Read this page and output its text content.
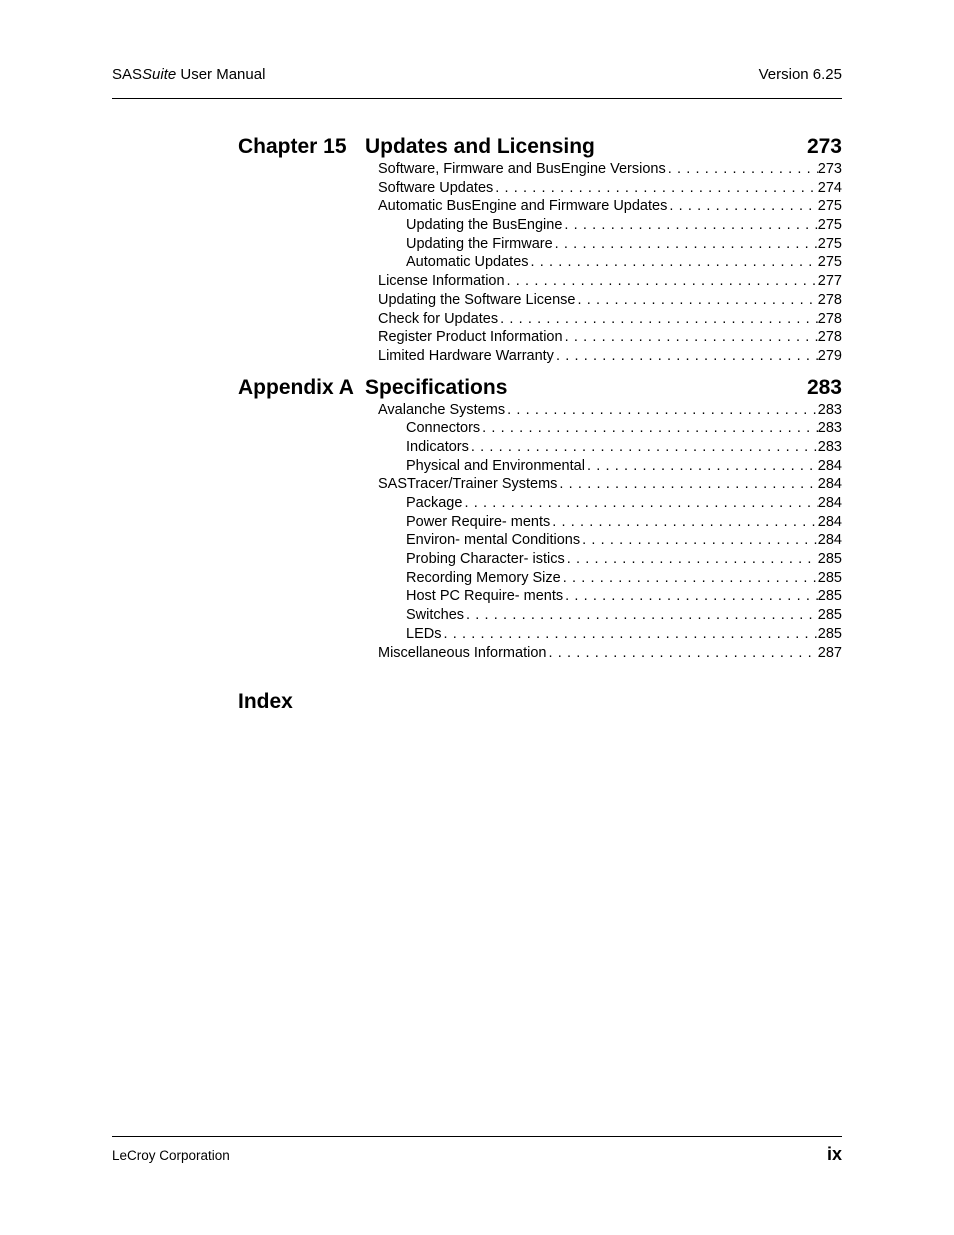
SASSuite User Manual	Version 6.25
Chapter 15 Updates and Licensing	273
Software, Firmware and BusEngine Versions . . .	273
Software Updates . . .	274
Automatic BusEngine and Firmware Updates . . .	275
Updating the BusEngine . . .	275
Updating the Firmware . . .	275
Automatic Updates . . .	275
License Information . . .	277
Updating the Software License . . .	278
Check for Updates . . .	278
Register Product Information . . .	278
Limited Hardware Warranty . . .	279
Appendix A Specifications	283
Avalanche Systems . . .	283
Connectors . . .	283
Indicators . . .	283
Physical and Environmental . . .	284
SASTracer/Trainer Systems . . .	284
Package . . .	284
Power Require- ments . . .	284
Environ- mental Conditions . . .	284
Probing Character- istics . . .	285
Recording Memory Size . . .	285
Host PC Require- ments . . .	285
Switches . . .	285
LEDs . . .	285
Miscellaneous Information . . .	287
Index
LeCroy Corporation	ix
